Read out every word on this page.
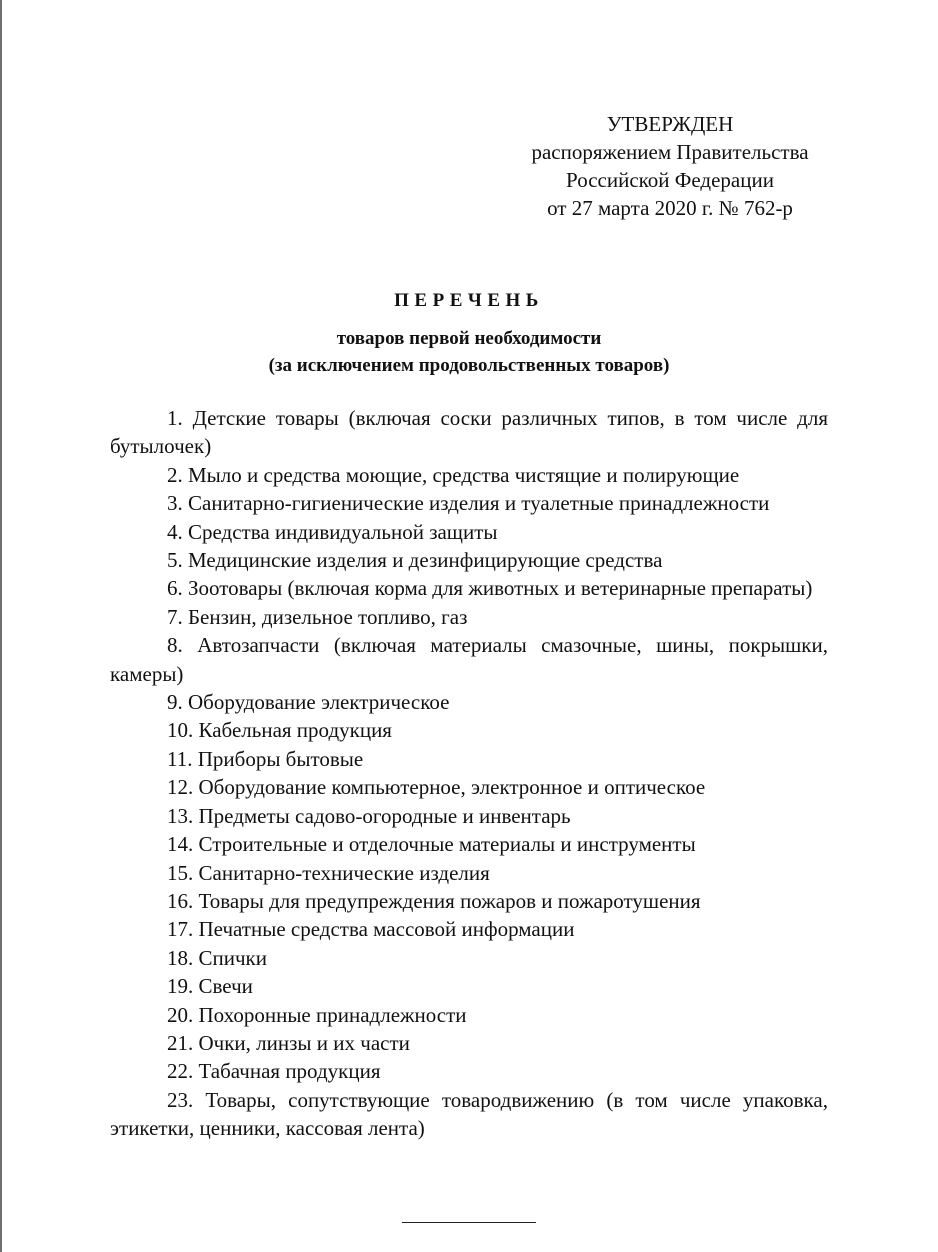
УТВЕРЖДЕН
распоряжением Правительства
Российской Федерации
от 27 марта 2020 г. № 762-р
ПЕРЕЧЕНЬ
товаров первой необходимости
(за исключением продовольственных товаров)
1. Детские товары (включая соски различных типов, в том числе для бутылочек)
2. Мыло и средства моющие, средства чистящие и полирующие
3. Санитарно-гигиенические изделия и туалетные принадлежности
4. Средства индивидуальной защиты
5. Медицинские изделия и дезинфицирующие средства
6. Зоотовары (включая корма для животных и ветеринарные препараты)
7. Бензин, дизельное топливо, газ
8. Автозапчасти (включая материалы смазочные, шины, покрышки, камеры)
9. Оборудование электрическое
10. Кабельная продукция
11. Приборы бытовые
12. Оборудование компьютерное, электронное и оптическое
13. Предметы садово-огородные и инвентарь
14. Строительные и отделочные материалы и инструменты
15. Санитарно-технические изделия
16. Товары для предупреждения пожаров и пожаротушения
17. Печатные средства массовой информации
18. Спички
19. Свечи
20. Похоронные принадлежности
21. Очки, линзы и их части
22. Табачная продукция
23. Товары, сопутствующие товародвижению (в том числе упаковка, этикетки, ценники, кассовая лента)
